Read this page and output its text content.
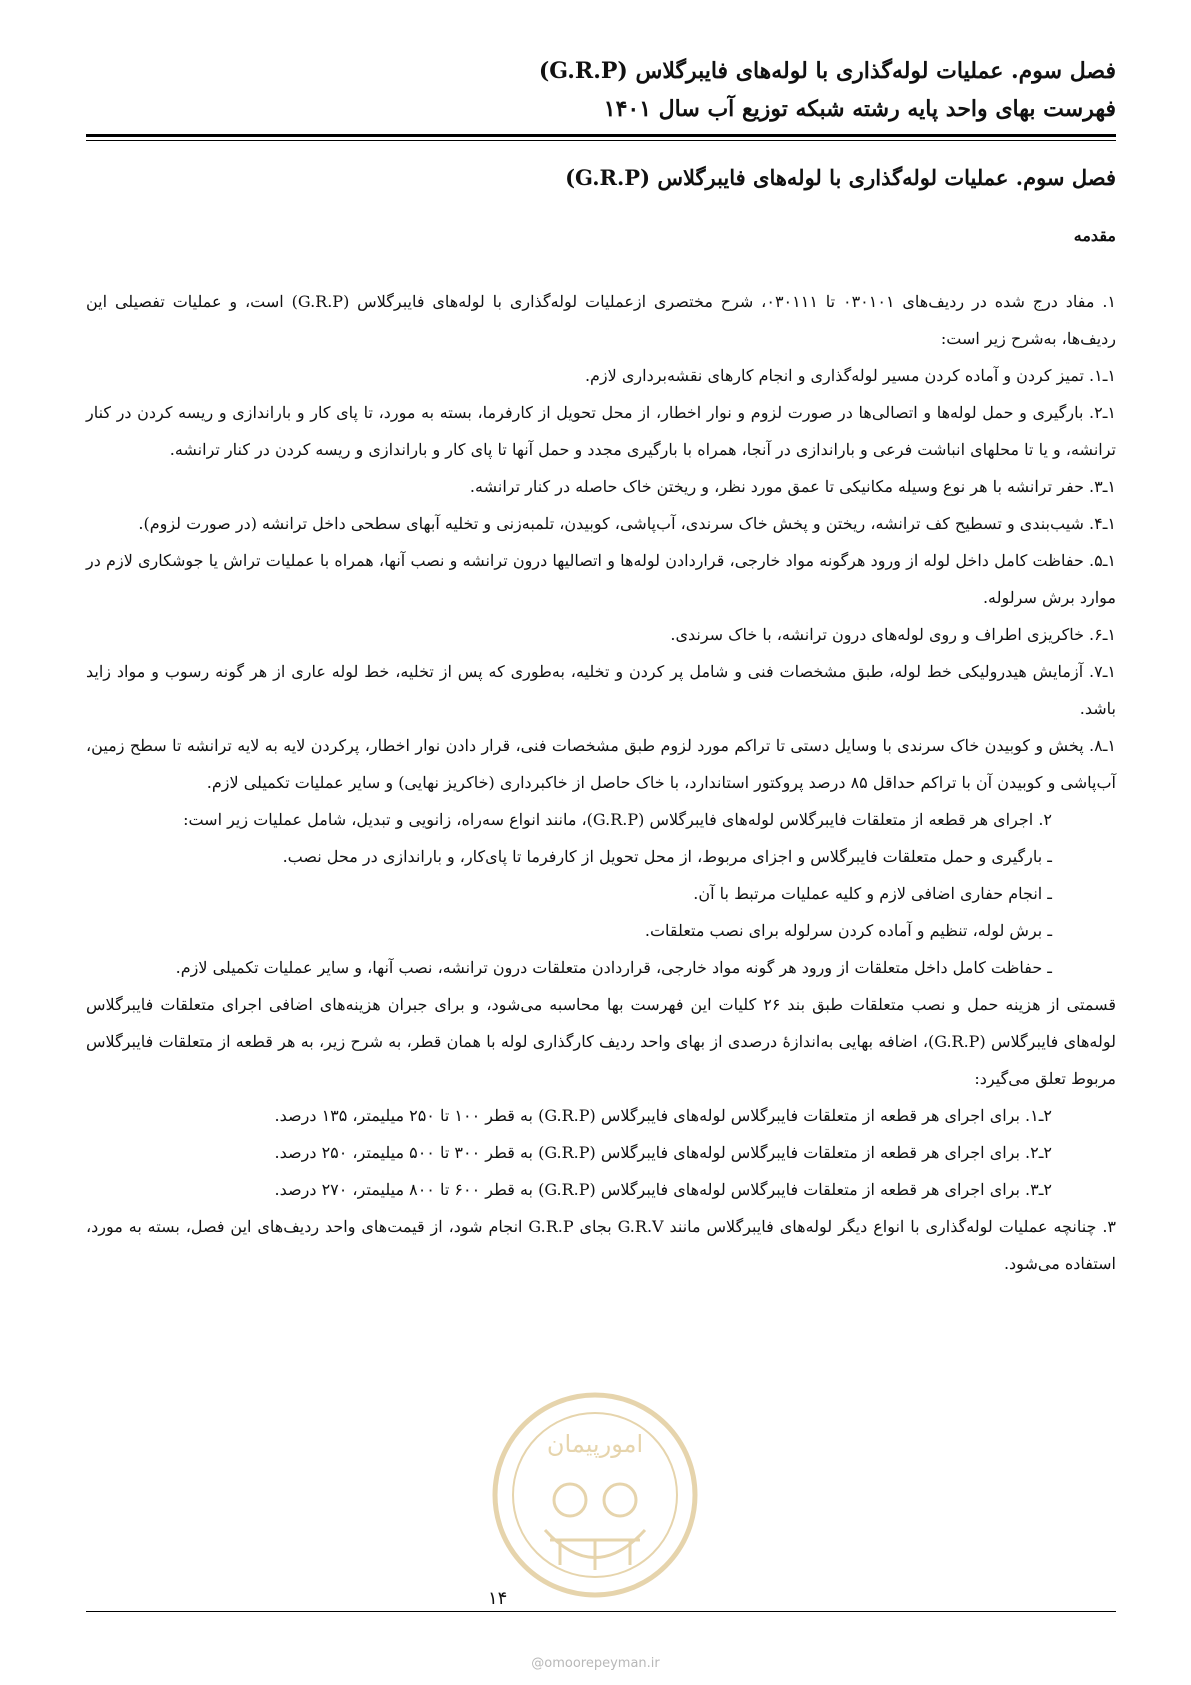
فصل سوم. عملیات لوله‌گذاری با لوله‌های فایبرگلاس (G.R.P)
فهرست بهای واحد پایه رشته شبکه توزیع آب سال ۱۴۰۱
فصل سوم. عملیات لوله‌گذاری با لوله‌های فایبرگلاس (G.R.P)
مقدمه

۱. مفاد درج شده در ردیف‌های ۰۳۰۱۰۱ تا ۰۳۰۱۱۱، شرح مختصری ازعملیات لوله‌گذاری با لوله‌های فایبرگلاس (G.R.P) است، و عملیات تفصیلی این ردیف‌ها، به‌شرح زیر است:

۱ـ۱. تمیز کردن و آماده کردن مسیر لوله‌گذاری و انجام کارهای نقشه‌برداری لازم.

۱ـ۲. بارگیری و حمل لوله‌ها و اتصالی‌ها در صورت لزوم و نوار اخطار، از محل تحویل از کارفرما، بسته به مورد، تا پای کار و باراندازی و ریسه کردن در کنار ترانشه، و یا تا محلهای انباشت فرعی و باراندازی در آنجا، همراه با بارگیری مجدد و حمل آنها تا پای کار و باراندازی و ریسه کردن در کنار ترانشه.

۱ـ۳. حفر ترانشه با هر نوع وسیله مکانیکی تا عمق مورد نظر، و ریختن خاک حاصله در کنار ترانشه.

۱ـ۴. شیب‌بندی و تسطیح کف ترانشه، ریختن و پخش خاک سرندی، آب‌پاشی، کوبیدن، تلمبه‌زنی و تخلیه آبهای سطحی داخل ترانشه (در صورت لزوم).

۱ـ۵. حفاظت کامل داخل لوله از ورود هرگونه مواد خارجی، قراردادن لوله‌ها و اتصالیها درون ترانشه و نصب آنها، همراه با عملیات تراش یا جوشکاری لازم در موارد برش سرلوله.

۱ـ۶. خاکریزی اطراف و روی لوله‌های درون ترانشه، با خاک سرندی.

۱ـ۷. آزمایش هیدرولیکی خط لوله، طبق مشخصات فنی و شامل پر کردن و تخلیه، به‌طوری که پس از تخلیه، خط لوله عاری از هر گونه رسوب و مواد زاید باشد.

۱ـ۸. پخش و کوبیدن خاک سرندی با وسایل دستی تا تراکم مورد لزوم طبق مشخصات فنی، قرار دادن نوار اخطار، پرکردن لایه به لایه ترانشه تا سطح زمین، آب‌پاشی و کوبیدن آن با تراکم حداقل ۸۵ درصد پروکتور استاندارد، با خاک حاصل از خاکبرداری (خاکریز نهایی) و سایر عملیات تکمیلی لازم.

۲. اجرای هر قطعه از متعلقات فایبرگلاس لوله‌های فایبرگلاس (G.R.P)، مانند انواع سه‌راه، زانویی و تبدیل، شامل عملیات زیر است:

ـ بارگیری و حمل متعلقات فایبرگلاس و اجزای مربوط، از محل تحویل از کارفرما تا پای‌کار، و باراندازی در محل نصب.

ـ انجام حفاری اضافی لازم و کلیه عملیات مرتبط با آن.

ـ برش لوله، تنظیم و آماده کردن سرلوله برای نصب متعلقات.

ـ حفاظت کامل داخل متعلقات از ورود هر گونه مواد خارجی، قراردادن متعلقات درون ترانشه، نصب آنها، و سایر عملیات تکمیلی لازم.

قسمتی از هزینه حمل و نصب متعلقات طبق بند ۲۶ کلیات این فهرست بها محاسبه می‌شود، و برای جبران هزینه‌های اضافی اجرای متعلقات فایبرگلاس لوله‌های فایبرگلاس (G.R.P)، اضافه بهایی به‌اندازهٔ درصدی از بهای واحد ردیف کارگذاری لوله با همان قطر، به شرح زیر، به هر قطعه از متعلقات فایبرگلاس مربوط تعلق می‌گیرد:

۲ـ۱. برای اجرای هر قطعه از متعلقات فایبرگلاس لوله‌های فایبرگلاس (G.R.P) به قطر ۱۰۰ تا ۲۵۰ میلیمتر، ۱۳۵ درصد.

۲ـ۲. برای اجرای هر قطعه از متعلقات فایبرگلاس لوله‌های فایبرگلاس (G.R.P) به قطر ۳۰۰ تا ۵۰۰ میلیمتر، ۲۵۰ درصد.

۲ـ۳. برای اجرای هر قطعه از متعلقات فایبرگلاس لوله‌های فایبرگلاس (G.R.P) به قطر ۶۰۰ تا ۸۰۰ میلیمتر، ۲۷۰ درصد.

۳. چنانچه عملیات لوله‌گذاری با انواع دیگر لوله‌های فایبرگلاس مانند G.R.V بجای G.R.P انجام شود، از قیمت‌های واحد ردیف‌های این فصل، بسته به مورد، استفاده می‌شود.

امورپیمان
۱۴
@omoorepeyman.ir
